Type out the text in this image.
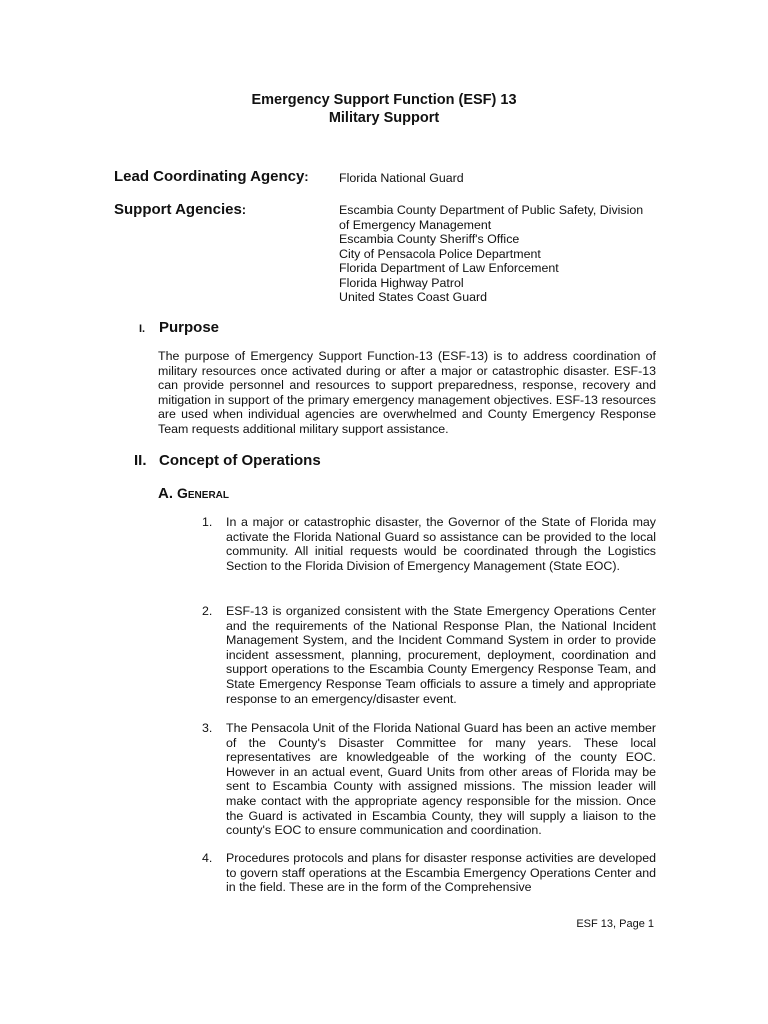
Emergency Support Function (ESF) 13
Military Support
Lead Coordinating Agency: Florida National Guard
Support Agencies:	Escambia County Department of Public Safety, Division
of Emergency Management
Escambia County Sheriff's Office
City of Pensacola Police Department
Florida Department of Law Enforcement
Florida Highway Patrol
United States Coast Guard
I. Purpose
The purpose of Emergency Support Function-13 (ESF-13) is to address coordination of military resources once activated during or after a major or catastrophic disaster. ESF-13 can provide personnel and resources to support preparedness, response, recovery and mitigation in support of the primary emergency management objectives. ESF-13 resources are used when individual agencies are overwhelmed and County Emergency Response Team requests additional military support assistance.
II. Concept of Operations
A. General
1. In a major or catastrophic disaster, the Governor of the State of Florida may activate the Florida National Guard so assistance can be provided to the local community. All initial requests would be coordinated through the Logistics Section to the Florida Division of Emergency Management (State EOC).
2. ESF-13 is organized consistent with the State Emergency Operations Center and the requirements of the National Response Plan, the National Incident Management System, and the Incident Command System in order to provide incident assessment, planning, procurement, deployment, coordination and support operations to the Escambia County Emergency Response Team, and State Emergency Response Team officials to assure a timely and appropriate response to an emergency/disaster event.
3. The Pensacola Unit of the Florida National Guard has been an active member of the County's Disaster Committee for many years. These local representatives are knowledgeable of the working of the county EOC. However in an actual event, Guard Units from other areas of Florida may be sent to Escambia County with assigned missions. The mission leader will make contact with the appropriate agency responsible for the mission. Once the Guard is activated in Escambia County, they will supply a liaison to the county's EOC to ensure communication and coordination.
4. Procedures protocols and plans for disaster response activities are developed to govern staff operations at the Escambia Emergency Operations Center and in the field. These are in the form of the Comprehensive
ESF 13, Page 1
